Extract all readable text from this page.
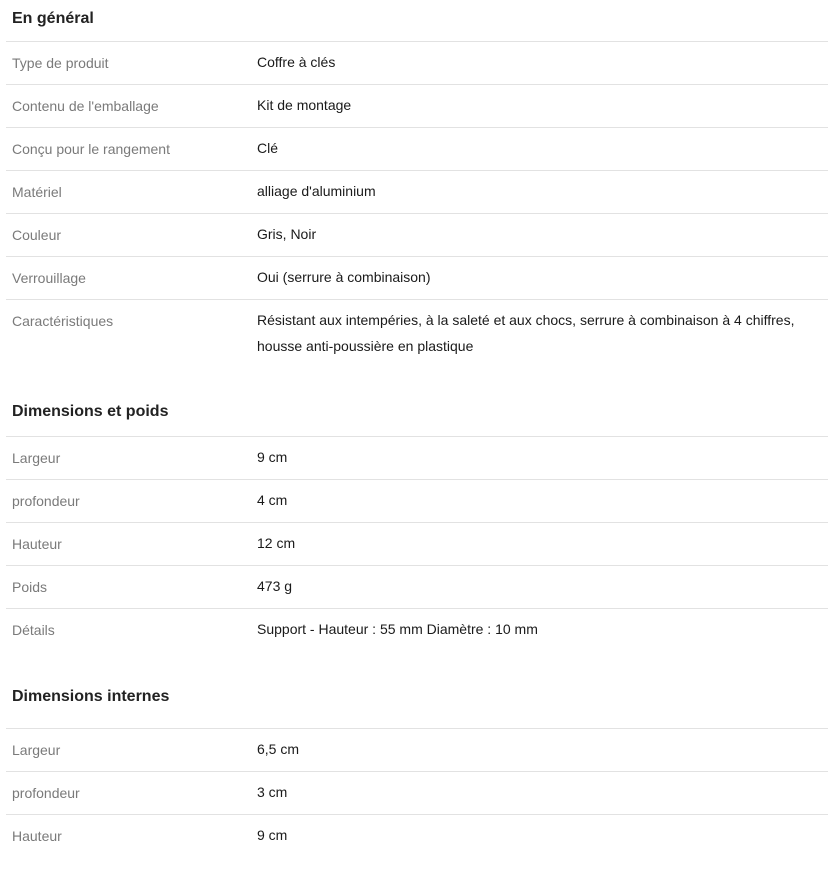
En général
Type de produit	Coffre à clés
Contenu de l'emballage	Kit de montage
Conçu pour le rangement	Clé
Matériel	alliage d'aluminium
Couleur	Gris, Noir
Verrouillage	Oui (serrure à combinaison)
Caractéristiques	Résistant aux intempéries, à la saleté et aux chocs, serrure à combinaison à 4 chiffres, housse anti-poussière en plastique
Dimensions et poids
Largeur	9 cm
profondeur	4 cm
Hauteur	12 cm
Poids	473 g
Détails	Support - Hauteur : 55 mm Diamètre : 10 mm
Dimensions internes
Largeur	6,5 cm
profondeur	3 cm
Hauteur	9 cm
